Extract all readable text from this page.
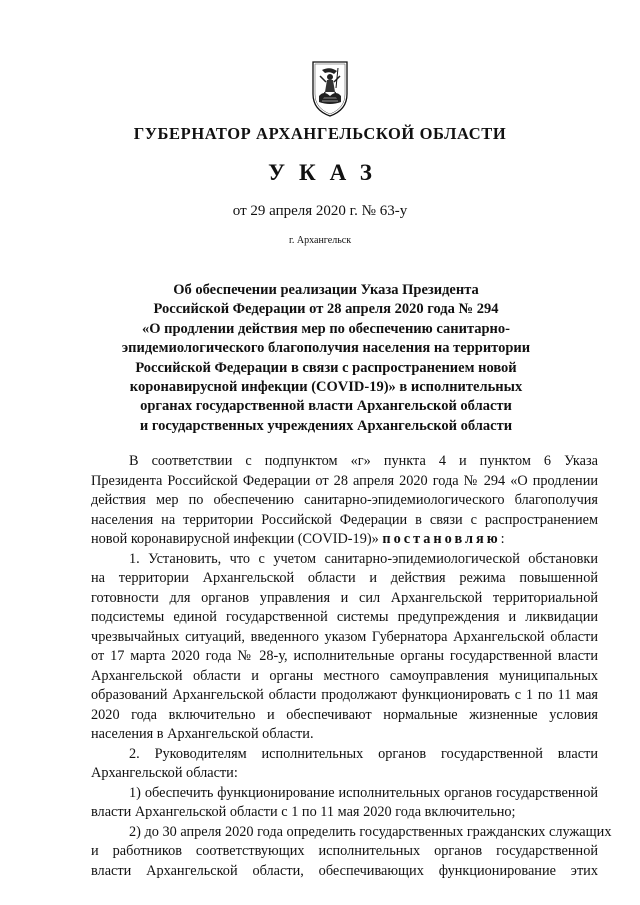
ГУБЕРНАТОР АРХАНГЕЛЬСКОЙ ОБЛАСТИ
УКАЗ
от 29 апреля 2020 г. № 63-у
г. Архангельск
Об обеспечении реализации Указа Президента
Российской Федерации от 28 апреля 2020 года № 294
«О продлении действия мер по обеспечению санитарно-
эпидемиологического благополучия населения на территории
Российской Федерации в связи с распространением новой
коронавирусной инфекции (COVID-19)» в исполнительных
органах государственной власти Архангельской области
и государственных учреждениях Архангельской области
В соответствии с подпунктом «г» пункта 4 и пунктом 6 Указа
Президента Российской Федерации от 28 апреля 2020 года № 294 «О продлении
действия мер по обеспечению санитарно-эпидемиологического благополучия
населения на территории Российской Федерации в связи с распространением
новой коронавирусной инфекции (COVID-19)» постановляю:
1. Установить, что с учетом санитарно-эпидемиологической обстановки
на территории Архангельской области и действия режима повышенной
готовности для органов управления и сил Архангельской территориальной
подсистемы единой государственной системы предупреждения и ликвидации
чрезвычайных ситуаций, введенного указом Губернатора Архангельской области
от 17 марта 2020 года № 28-у, исполнительные органы государственной власти
Архангельской области и органы местного самоуправления муниципальных
образований Архангельской области продолжают функционировать с 1 по 11 мая
2020 года включительно и обеспечивают нормальные жизненные условия
населения в Архангельской области.
2. Руководителям исполнительных органов государственной власти
Архангельской области:
1) обеспечить функционирование исполнительных органов государственной
власти Архангельской области с 1 по 11 мая 2020 года включительно;
2) до 30 апреля 2020 года определить государственных гражданских служащих
и работников соответствующих исполнительных органов государственной
власти Архангельской области, обеспечивающих функционирование этих
